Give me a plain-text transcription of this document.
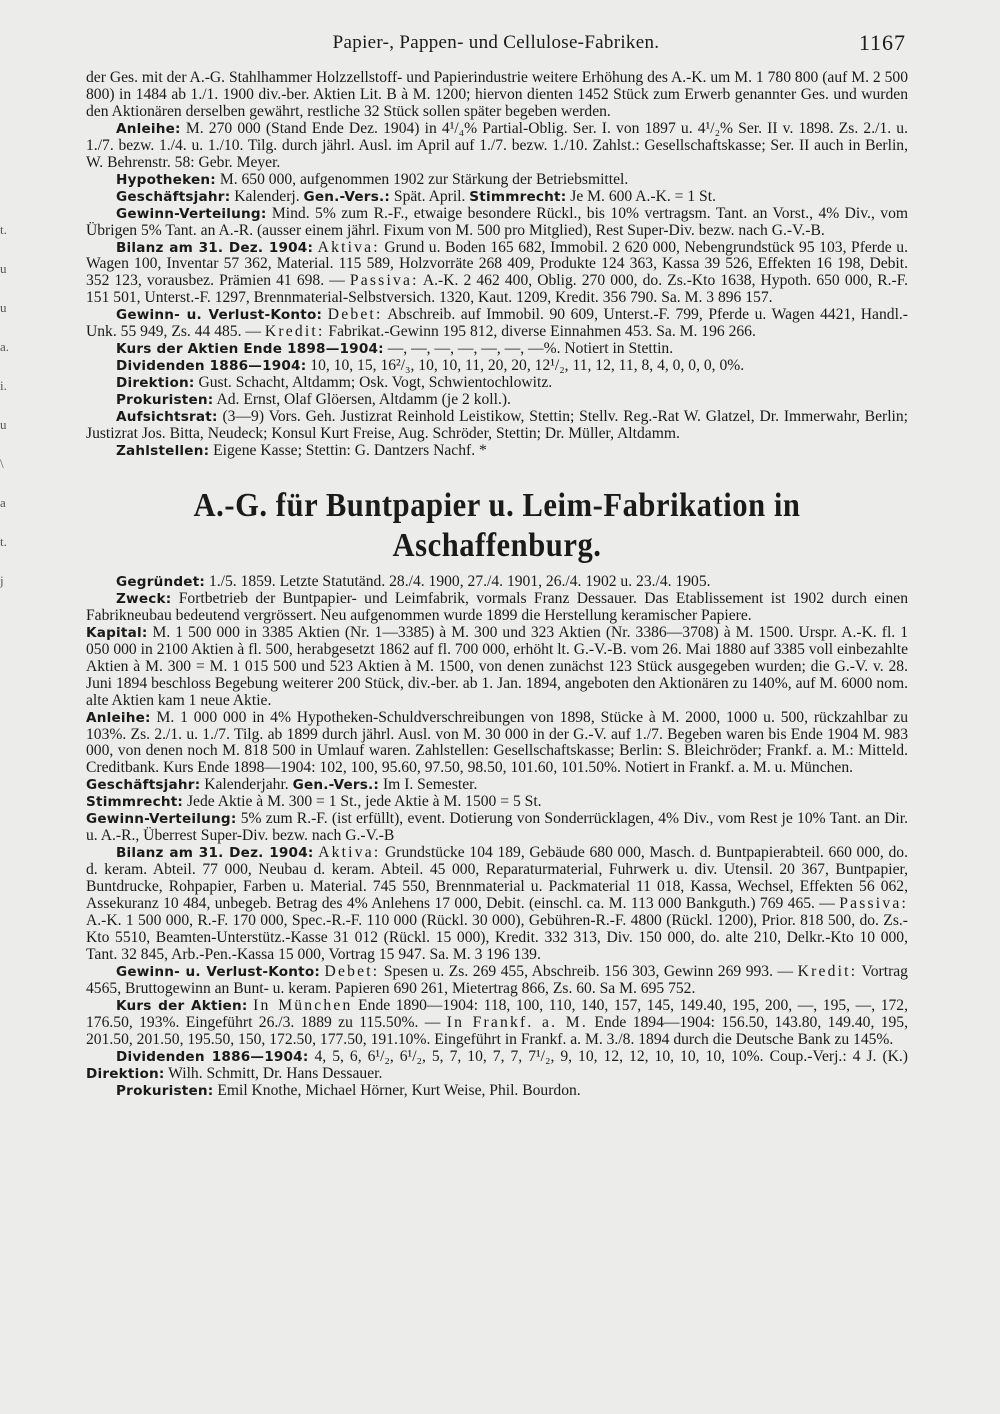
Papier-, Pappen- und Cellulose-Fabriken.	1167
t.
u
u
a.
i.
u
\
a
t.
j

der Ges. mit der A.-G. Stahlhammer Holzzellstoff- und Papierindustrie weitere Erhöhung des A.-K. um M. 1 780 800 (auf M. 2 500 800) in 1484 ab 1./1. 1900 div.-ber. Aktien Lit. B à M. 1200; hiervon dienten 1452 Stück zum Erwerb genannter Ges. und wurden den Aktionären derselben gewährt, restliche 32 Stück sollen später begeben werden.

Anleihe: M. 270 000 (Stand Ende Dez. 1904) in 4¹/₄% Partial-Oblig. Ser. I. von 1897 u. 4¹/₂% Ser. II v. 1898. Zs. 2./1. u. 1./7. bezw. 1./4. u. 1./10. Tilg. durch jährl. Ausl. im April auf 1./7. bezw. 1./10. Zahlst.: Gesellschaftskasse; Ser. II auch in Berlin, W. Behrenstr. 58: Gebr. Meyer.

Hypotheken: M. 650 000, aufgenommen 1902 zur Stärkung der Betriebsmittel.

Geschäftsjahr: Kalenderj. Gen.-Vers.: Spät. April. Stimmrecht: Je M. 600 A.-K. = 1 St.

Gewinn-Verteilung: Mind. 5% zum R.-F., etwaige besondere Rückl., bis 10% vertragsm. Tant. an Vorst., 4% Div., vom Übrigen 5% Tant. an A.-R. (ausser einem jährl. Fixum von M. 500 pro Mitglied), Rest Super-Div. bezw. nach G.-V.-B.

Bilanz am 31. Dez. 1904: Aktiva: Grund u. Boden 165 682, Immobil. 2 620 000, Nebengrundstück 95 103, Pferde u. Wagen 100, Inventar 57 362, Material. 115 589, Holzvorräte 268 409, Produkte 124 363, Kassa 39 526, Effekten 16 198, Debit. 352 123, vorausbez. Prämien 41 698. — Passiva: A.-K. 2 462 400, Oblig. 270 000, do. Zs.-Kto 1638, Hypoth. 650 000, R.-F. 151 501, Unterst.-F. 1297, Brennmaterial-Selbstversich. 1320, Kaut. 1209, Kredit. 356 790. Sa. M. 3 896 157.

Gewinn- u. Verlust-Konto: Debet: Abschreib. auf Immobil. 90 609, Unterst.-F. 799, Pferde u. Wagen 4421, Handl.-Unk. 55 949, Zs. 44 485. — Kredit: Fabrikat.-Gewinn 195 812, diverse Einnahmen 453. Sa. M. 196 266.

Kurs der Aktien Ende 1898—1904: —, —, —, —, —, —, —%. Notiert in Stettin.

Dividenden 1886—1904: 10, 10, 15, 16²/₃, 10, 10, 11, 20, 20, 12¹/₂, 11, 12, 11, 8, 4, 0, 0, 0, 0%.

Direktion: Gust. Schacht, Altdamm; Osk. Vogt, Schwientochlowitz.

Prokuristen: Ad. Ernst, Olaf Glöersen, Altdamm (je 2 koll.).

Aufsichtsrat: (3—9) Vors. Geh. Justizrat Reinhold Leistikow, Stettin; Stellv. Reg.-Rat W. Glatzel, Dr. Immerwahr, Berlin; Justizrat Jos. Bitta, Neudeck; Konsul Kurt Freise, Aug. Schröder, Stettin; Dr. Müller, Altdamm.

Zahlstellen: Eigene Kasse; Stettin: G. Dantzers Nachf. *

A.-G. für Buntpapier u. Leim-Fabrikation in Aschaffenburg.

Gegründet: 1./5. 1859. Letzte Statutänd. 28./4. 1900, 27./4. 1901, 26./4. 1902 u. 23./4. 1905.

Zweck: Fortbetrieb der Buntpapier- und Leimfabrik, vormals Franz Dessauer. Das Etablissement ist 1902 durch einen Fabrikneubau bedeutend vergrössert. Neu aufgenommen wurde 1899 die Herstellung keramischer Papiere.

Kapital: M. 1 500 000 in 3385 Aktien (Nr. 1—3385) à M. 300 und 323 Aktien (Nr. 3386—3708) à M. 1500. Urspr. A.-K. fl. 1 050 000 in 2100 Aktien à fl. 500, herabgesetzt 1862 auf fl. 700 000, erhöht lt. G.-V.-B. vom 26. Mai 1880 auf 3385 voll einbezahlte Aktien à M. 300 = M. 1 015 500 und 523 Aktien à M. 1500, von denen zunächst 123 Stück ausgegeben wurden; die G.-V. v. 28. Juni 1894 beschloss Begebung weiterer 200 Stück, div.-ber. ab 1. Jan. 1894, angeboten den Aktionären zu 140%, auf M. 6000 nom. alte Aktien kam 1 neue Aktie.

Anleihe: M. 1 000 000 in 4% Hypotheken-Schuldverschreibungen von 1898, Stücke à M. 2000, 1000 u. 500, rückzahlbar zu 103%. Zs. 2./1. u. 1./7. Tilg. ab 1899 durch jährl. Ausl. von M. 30 000 in der G.-V. auf 1./7. Begeben waren bis Ende 1904 M. 983 000, von denen noch M. 818 500 in Umlauf waren. Zahlstellen: Gesellschaftskasse; Berlin: S. Bleichröder; Frankf. a. M.: Mitteld. Creditbank. Kurs Ende 1898—1904: 102, 100, 95.60, 97.50, 98.50, 101.60, 101.50%. Notiert in Frankf. a. M. u. München.

Geschäftsjahr: Kalenderjahr. Gen.-Vers.: Im I. Semester.

Stimmrecht: Jede Aktie à M. 300 = 1 St., jede Aktie à M. 1500 = 5 St.

Gewinn-Verteilung: 5% zum R.-F. (ist erfüllt), event. Dotierung von Sonderrücklagen, 4% Div., vom Rest je 10% Tant. an Dir. u. A.-R., Überrest Super-Div. bezw. nach G.-V.-B

Bilanz am 31. Dez. 1904: Aktiva: Grundstücke 104 189, Gebäude 680 000, Masch. d. Buntpapierabteil. 660 000, do. d. keram. Abteil. 77 000, Neubau d. keram. Abteil. 45 000, Reparaturmaterial, Fuhrwerk u. div. Utensil. 20 367, Buntpapier, Buntdrucke, Rohpapier, Farben u. Material. 745 550, Brennmaterial u. Packmaterial 11 018, Kassa, Wechsel, Effekten 56 062, Assekuranz 10 484, unbegeb. Betrag des 4% Anlehens 17 000, Debit. (einschl. ca. M. 113 000 Bankguth.) 769 465. — Passiva: A.-K. 1 500 000, R.-F. 170 000, Spec.-R.-F. 110 000 (Rückl. 30 000), Gebühren-R.-F. 4800 (Rückl. 1200), Prior. 818 500, do. Zs.-Kto 5510, Beamten-Unterstütz.-Kasse 31 012 (Rückl. 15 000), Kredit. 332 313, Div. 150 000, do. alte 210, Delkr.-Kto 10 000, Tant. 32 845, Arb.-Pen.-Kassa 15 000, Vortrag 15 947. Sa. M. 3 196 139.

Gewinn- u. Verlust-Konto: Debet: Spesen u. Zs. 269 455, Abschreib. 156 303, Gewinn 269 993. — Kredit: Vortrag 4565, Bruttogewinn an Bunt- u. keram. Papieren 690 261, Mietertrag 866, Zs. 60. Sa M. 695 752.

Kurs der Aktien: In München Ende 1890—1904: 118, 100, 110, 140, 157, 145, 149.40, 195, 200, —, 195, —, 172, 176.50, 193%. Eingeführt 26./3. 1889 zu 115.50%. — In Frankf. a. M. Ende 1894—1904: 156.50, 143.80, 149.40, 195, 201.50, 201.50, 195.50, 150, 172.50, 177.50, 191.10%. Eingeführt in Frankf. a. M. 3./8. 1894 durch die Deutsche Bank zu 145%.

Dividenden 1886—1904: 4, 5, 6, 6¹/₂, 6¹/₂, 5, 7, 10, 7, 7, 7¹/₂, 9, 10, 12, 12, 10, 10, 10, 10%. Coup.-Verj.: 4 J. (K.) Direktion: Wilh. Schmitt, Dr. Hans Dessauer.

Prokuristen: Emil Knothe, Michael Hörner, Kurt Weise, Phil. Bourdon.
